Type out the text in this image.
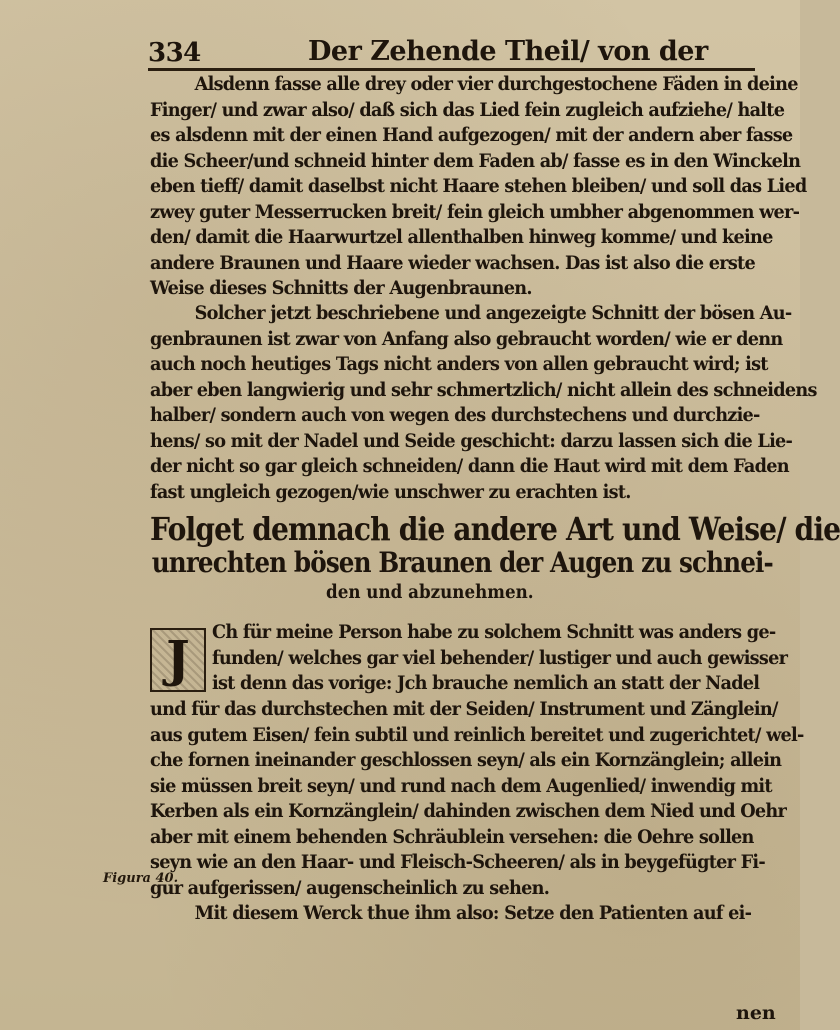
334	Der Zehende Theil/ von der
Alsdenn fasse alle drey oder vier durchgestochene Fäden in deine
Finger/ und zwar also/ daß sich das Lied fein zugleich aufziehe/ halte
es alsdenn mit der einen Hand aufgezogen/ mit der andern aber fasse
die Scheer/und schneid hinter dem Faden ab/ fasse es in den Winckeln
eben tieff/ damit daselbst nicht Haare stehen bleiben/ und soll das Lied
zwey guter Messerrucken breit/ fein gleich umbher abgenommen wer-
den/ damit die Haarwurtzel allenthalben hinweg komme/ und keine
andere Braunen und Haare wieder wachsen. Das ist also die erste
Weise dieses Schnitts der Augenbraunen.
Solcher jetzt beschriebene und angezeigte Schnitt der bösen Au-
genbraunen ist zwar von Anfang also gebraucht worden/ wie er denn
auch noch heutiges Tags nicht anders von allen gebraucht wird; ist
aber eben langwierig und sehr schmertzlich/ nicht allein des schneidens
halber/ sondern auch von wegen des durchstechens und durchzie-
hens/ so mit der Nadel und Seide geschicht: darzu lassen sich die Lie-
der nicht so gar gleich schneiden/ dann die Haut wird mit dem Faden
fast ungleich gezogen/wie unschwer zu erachten ist.
Folget demnach die andere Art und Weise/ die
unrechten bösen Braunen der Augen zu schnei-
den und abzunehmen.
J	Ch für meine Person habe zu solchem Schnitt was anders ge-
funden/ welches gar viel behender/ lustiger und auch gewisser
ist denn das vorige: Jch brauche nemlich an statt der Nadel
und für das durchstechen mit der Seiden/ Instrument und Zänglein/
aus gutem Eisen/ fein subtil und reinlich bereitet und zugerichtet/ wel-
che fornen ineinander geschlossen seyn/ als ein Kornzänglein; allein
sie müssen breit seyn/ und rund nach dem Augenlied/ inwendig mit
Kerben als ein Kornzänglein/ dahinden zwischen dem Nied und Oehr
aber mit einem behenden Schräublein versehen: die Oehre sollen
seyn wie an den Haar- und Fleisch-Scheeren/ als in beygefügter Fi-
gur aufgerissen/ augenscheinlich zu sehen.
Figura 40.
Mit diesem Werck thue ihm also: Setze den Patienten auf ei-
nen
